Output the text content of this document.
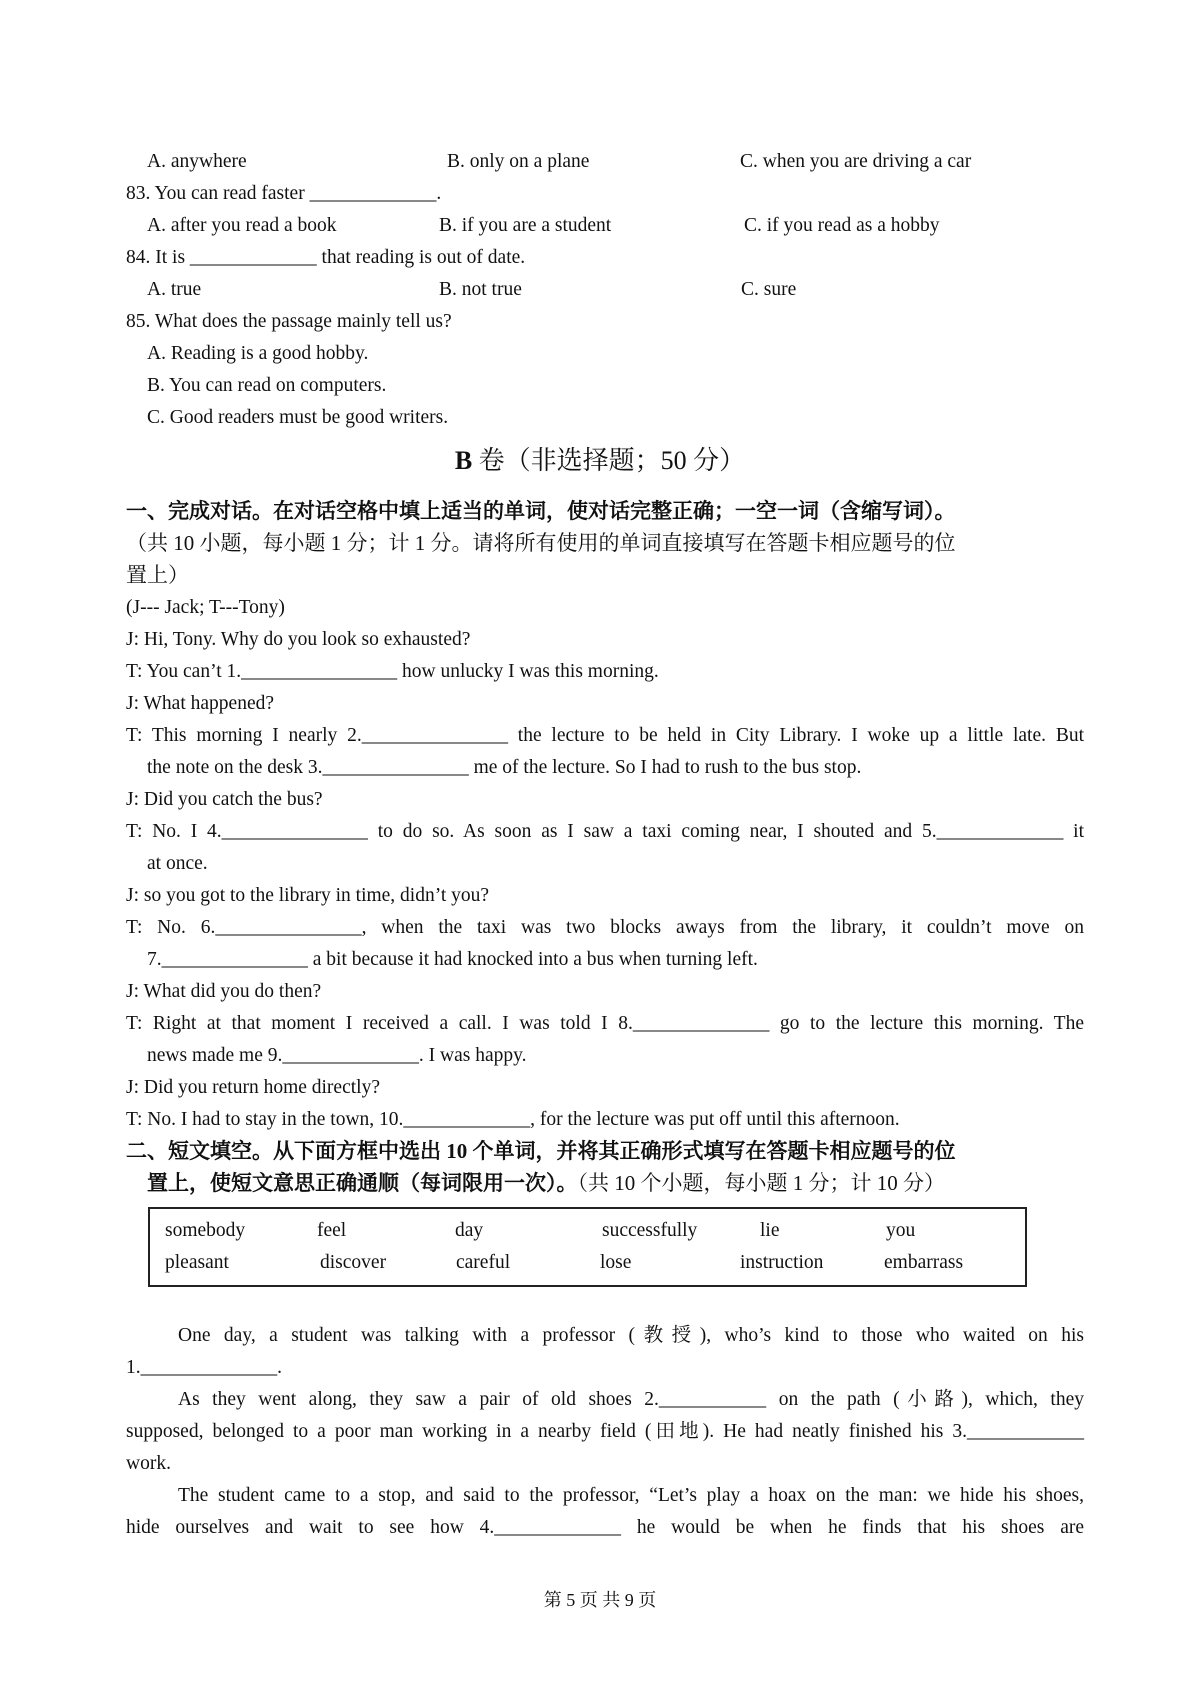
A. anywhere	B. only on a plane	C. when you are driving a car
83. You can read faster _____________.
A. after you read a book	B. if you are a student	C. if you read as a hobby
84. It is _____________ that reading is out of date.
A. true	B. not true	C. sure
85. What does the passage mainly tell us?
A. Reading is a good hobby.
B. You can read on computers.
C. Good readers must be good writers.
B 卷（非选择题；50 分）
一、完成对话。在对话空格中填上适当的单词，使对话完整正确；一空一词（含缩写词）。
（共 10 小题，每小题 1 分；计 1 分。请将所有使用的单词直接填写在答题卡相应题号的位
置上）
(J--- Jack; T---Tony)
J: Hi, Tony. Why do you look so exhausted?
T: You can’t 1.________________ how unlucky I was this morning.
J: What happened?
T: This morning I nearly 2._______________ the lecture to be held in City Library. I woke up a little late. But
the note on the desk 3._______________ me of the lecture. So I had to rush to the bus stop.
J: Did you catch the bus?
T: No. I 4._______________ to do so. As soon as I saw a taxi coming near, I shouted and 5._____________ it
at once.
J: so you got to the library in time, didn’t you?
T: No. 6._______________, when the taxi was two blocks aways from the library, it couldn’t move on
7._______________ a bit because it had knocked into a bus when turning left.
J: What did you do then?
T: Right at that moment I received a call. I was told I 8.______________ go to the lecture this morning. The
news made me 9.______________. I was happy.
J: Did you return home directly?
T: No. I had to stay in the town, 10._____________, for the lecture was put off until this afternoon.
二、短文填空。从下面方框中选出 10 个单词，并将其正确形式填写在答题卡相应题号的位
置上，使短文意思正确通顺（每词限用一次）。（共 10 个小题，每小题 1 分；计 10 分）
somebody	feel	day	successfully	lie	you
pleasant	discover	careful	lose	instruction	embarrass
One day, a student was talking with a professor (教授), who’s kind to those who waited on his
1.______________.
As they went along, they saw a pair of old shoes 2.___________ on the path (小路), which, they
supposed, belonged to a poor man working in a nearby field (田地). He had neatly finished his 3.____________
work.
The student came to a stop, and said to the professor, “Let’s play a hoax on the man: we hide his shoes,
hide ourselves and wait to see how 4._____________ he would be when he finds that his shoes are
第 5 页 共 9 页
